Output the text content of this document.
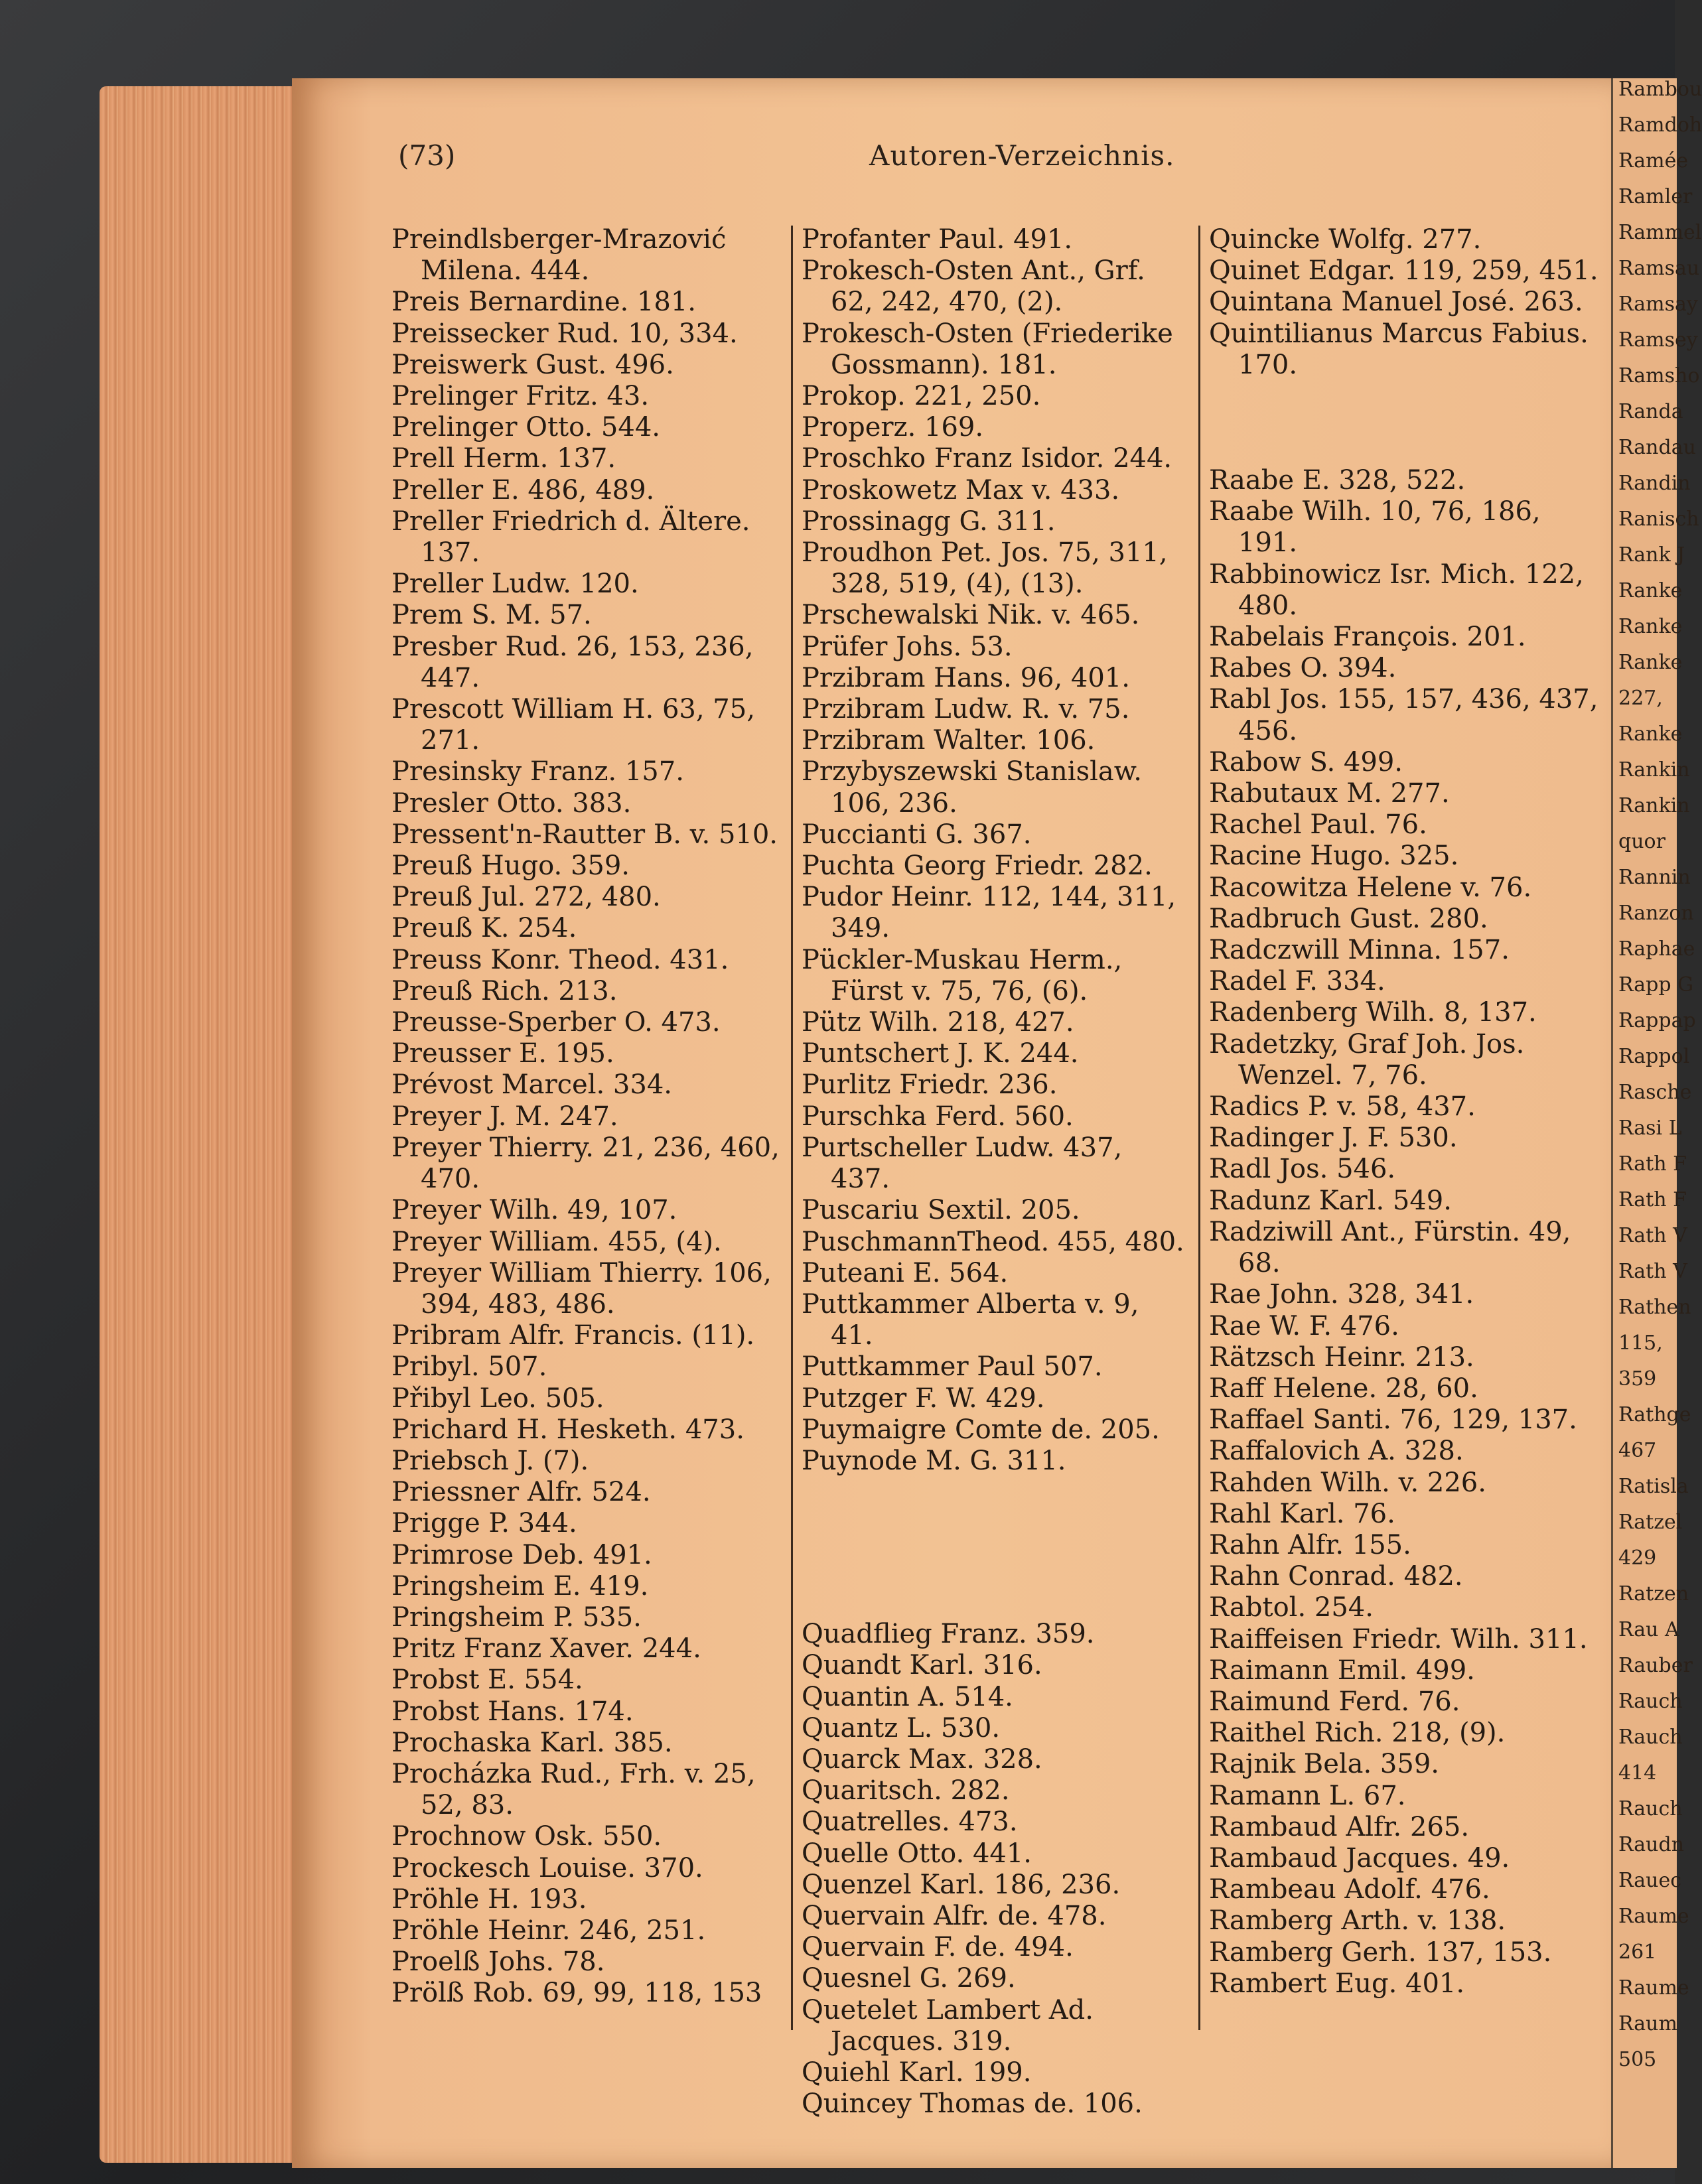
(73)	Autoren-Verzeichnis.

Preindlsberger-Mrazović Milena. 444.

Preis Bernardine. 181.

Preissecker Rud. 10, 334.

Preiswerk Gust. 496.

Prelinger Fritz. 43.

Prelinger Otto. 544.

Prell Herm. 137.

Preller E. 486, 489.

Preller Friedrich d. Ältere. 137.

Preller Ludw. 120.

Prem S. M. 57.

Presber Rud. 26, 153, 236, 447.

Prescott William H. 63, 75, 271.

Presinsky Franz. 157.

Presler Otto. 383.

Pressent'n-Rautter B. v. 510.

Preuß Hugo. 359.

Preuß Jul. 272, 480.

Preuß K. 254.

Preuss Konr. Theod. 431.

Preuß Rich. 213.

Preusse-Sperber O. 473.

Preusser E. 195.

Prévost Marcel. 334.

Preyer J. M. 247.

Preyer Thierry. 21, 236, 460, 470.

Preyer Wilh. 49, 107.

Preyer William. 455, (4).

Preyer William Thierry. 106, 394, 483, 486.

Pribram Alfr. Francis. (11).

Pribyl. 507.

Přibyl Leo. 505.

Prichard H. Hesketh. 473.

Priebsch J. (7).

Priessner Alfr. 524.

Prigge P. 344.

Primrose Deb. 491.

Pringsheim E. 419.

Pringsheim P. 535.

Pritz Franz Xaver. 244.

Probst E. 554.

Probst Hans. 174.

Prochaska Karl. 385.

Procházka Rud., Frh. v. 25, 52, 83.

Prochnow Osk. 550.

Prockesch Louise. 370.

Pröhle H. 193.

Pröhle Heinr. 246, 251.

Proelß Johs. 78.

Prölß Rob. 69, 99, 118, 153

Profanter Paul. 491.

Prokesch-Osten Ant., Grf. 62, 242, 470, (2).

Prokesch-Osten (Friederike Gossmann). 181.

Prokop. 221, 250.

Properz. 169.

Proschko Franz Isidor. 244.

Proskowetz Max v. 433.

Prossinagg G. 311.

Proudhon Pet. Jos. 75, 311, 328, 519, (4), (13).

Prschewalski Nik. v. 465.

Prüfer Johs. 53.

Przibram Hans. 96, 401.

Przibram Ludw. R. v. 75.

Przibram Walter. 106.

Przybyszewski Stanislaw. 106, 236.

Puccianti G. 367.

Puchta Georg Friedr. 282.

Pudor Heinr. 112, 144, 311, 349.

Pückler-Muskau Herm., Fürst v. 75, 76, (6).

Pütz Wilh. 218, 427.

Puntschert J. K. 244.

Purlitz Friedr. 236.

Purschka Ferd. 560.

Purtscheller Ludw. 437, 437.

Puscariu Sextil. 205.

PuschmannTheod. 455, 480.

Puteani E. 564.

Puttkammer Alberta v. 9, 41.

Puttkammer Paul 507.

Putzger F. W. 429.

Puymaigre Comte de. 205.

Puynode M. G. 311.

Quadflieg Franz. 359.

Quandt Karl. 316.

Quantin A. 514.

Quantz L. 530.

Quarck Max. 328.

Quaritsch. 282.

Quatrelles. 473.

Quelle Otto. 441.

Quenzel Karl. 186, 236.

Quervain Alfr. de. 478.

Quervain F. de. 494.

Quesnel G. 269.

Quetelet Lambert Ad. Jacques. 319.

Quiehl Karl. 199.

Quincey Thomas de. 106.

Quincke Wolfg. 277.

Quinet Edgar. 119, 259, 451.

Quintana Manuel José. 263.

Quintilianus Marcus Fabius. 170.

Raabe E. 328, 522.

Raabe Wilh. 10, 76, 186, 191.

Rabbinowicz Isr. Mich. 122, 480.

Rabelais François. 201.

Rabes O. 394.

Rabl Jos. 155, 157, 436, 437, 456.

Rabow S. 499.

Rabutaux M. 277.

Rachel Paul. 76.

Racine Hugo. 325.

Racowitza Helene v. 76.

Radbruch Gust. 280.

Radczwill Minna. 157.

Radel F. 334.

Radenberg Wilh. 8, 137.

Radetzky, Graf Joh. Jos. Wenzel. 7, 76.

Radics P. v. 58, 437.

Radinger J. F. 530.

Radl Jos. 546.

Radunz Karl. 549.

Radziwill Ant., Fürstin. 49, 68.

Rae John. 328, 341.

Rae W. F. 476.

Rätzsch Heinr. 213.

Raff Helene. 28, 60.

Raffael Santi. 76, 129, 137.

Raffalovich A. 328.

Rahden Wilh. v. 226.

Rahl Karl. 76.

Rahn Alfr. 155.

Rahn Conrad. 482.

Rabtol. 254.

Raiffeisen Friedr. Wilh. 311.

Raimann Emil. 499.

Raimund Ferd. 76.

Raithel Rich. 218, (9).

Rajnik Bela. 359.

Ramann L. 67.

Rambaud Alfr. 265.

Rambaud Jacques. 49.

Rambeau Adolf. 476.

Ramberg Arth. v. 138.

Ramberg Gerh. 137, 153.

Rambert Eug. 401.

Rambou
Ramdoh
Ramée
Ramler
Rammel
Ramsau
Ramsay
Ramsey
Ramsho
Randa
Randau
Randin
Ranisch
Rank J
Ranke
Ranke
Ranke
227,
Ranke
Rankin
Rankin
quor
Rannin
Ranzon
Raphae
Rapp G
Rappap
Rappol
Rasche
Rasi L
Rath F
Rath F
Rath V
Rath V
Rathen
115,
359
Rathge
467
Ratisla
Ratzel
429
Ratzen
Rau A
Rauber
Rauch
Rauch
414
Rauch
Raudn
Rauec
Raume
261
Raume
Raum
505
